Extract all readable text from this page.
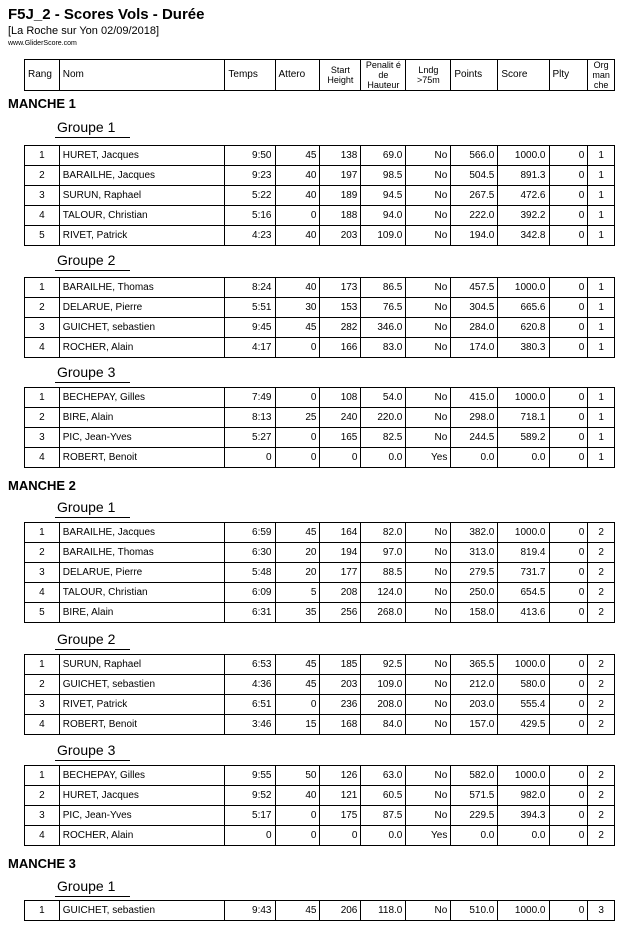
F5J_2 - Scores Vols - Durée
[La Roche sur Yon 02/09/2018]
www.GliderScore.com
Rang	Nom	Temps	Attero	Start Height	Penalit é de Hauteur	Lndg >75m	Points	Score	Plty	Org man che
MANCHE 1
Groupe 1
1	HURET, Jacques	9:50	45	138	69.0	No	566.0	1000.0	0	1
2	BARAILHE, Jacques	9:23	40	197	98.5	No	504.5	891.3	0	1
3	SURUN, Raphael	5:22	40	189	94.5	No	267.5	472.6	0	1
4	TALOUR, Christian	5:16	0	188	94.0	No	222.0	392.2	0	1
5	RIVET, Patrick	4:23	40	203	109.0	No	194.0	342.8	0	1
Groupe 2
1	BARAILHE, Thomas	8:24	40	173	86.5	No	457.5	1000.0	0	1
2	DELARUE, Pierre	5:51	30	153	76.5	No	304.5	665.6	0	1
3	GUICHET, sebastien	9:45	45	282	346.0	No	284.0	620.8	0	1
4	ROCHER, Alain	4:17	0	166	83.0	No	174.0	380.3	0	1
Groupe 3
1	BECHEPAY, Gilles	7:49	0	108	54.0	No	415.0	1000.0	0	1
2	BIRE, Alain	8:13	25	240	220.0	No	298.0	718.1	0	1
3	PIC, Jean-Yves	5:27	0	165	82.5	No	244.5	589.2	0	1
4	ROBERT, Benoit	0	0	0	0.0	Yes	0.0	0.0	0	1
MANCHE 2
Groupe 1
1	BARAILHE, Jacques	6:59	45	164	82.0	No	382.0	1000.0	0	2
2	BARAILHE, Thomas	6:30	20	194	97.0	No	313.0	819.4	0	2
3	DELARUE, Pierre	5:48	20	177	88.5	No	279.5	731.7	0	2
4	TALOUR, Christian	6:09	5	208	124.0	No	250.0	654.5	0	2
5	BIRE, Alain	6:31	35	256	268.0	No	158.0	413.6	0	2
Groupe 2
1	SURUN, Raphael	6:53	45	185	92.5	No	365.5	1000.0	0	2
2	GUICHET, sebastien	4:36	45	203	109.0	No	212.0	580.0	0	2
3	RIVET, Patrick	6:51	0	236	208.0	No	203.0	555.4	0	2
4	ROBERT, Benoit	3:46	15	168	84.0	No	157.0	429.5	0	2
Groupe 3
1	BECHEPAY, Gilles	9:55	50	126	63.0	No	582.0	1000.0	0	2
2	HURET, Jacques	9:52	40	121	60.5	No	571.5	982.0	0	2
3	PIC, Jean-Yves	5:17	0	175	87.5	No	229.5	394.3	0	2
4	ROCHER, Alain	0	0	0	0.0	Yes	0.0	0.0	0	2
MANCHE 3
Groupe 1
1	GUICHET, sebastien	9:43	45	206	118.0	No	510.0	1000.0	0	3
